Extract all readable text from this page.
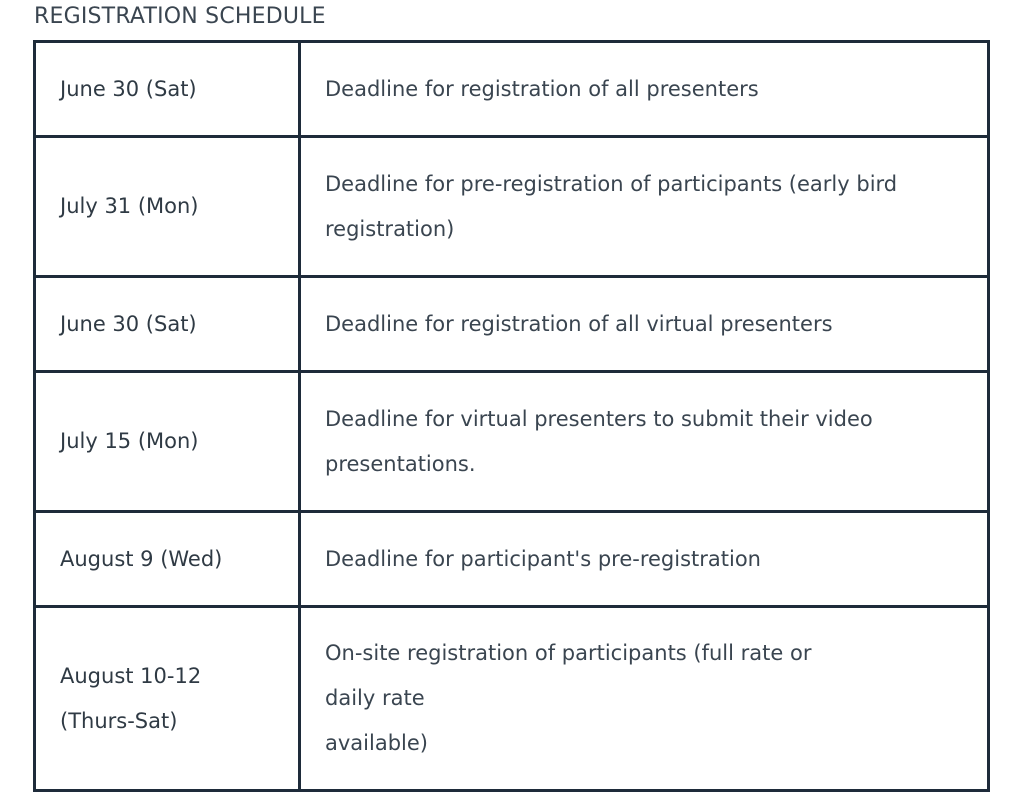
REGISTRATION SCHEDULE
June 30 (Sat)	Deadline for registration of all presenters

July 31 (Mon)	Deadline for pre-registration of participants (early bird
registration)

June 30 (Sat)	Deadline for registration of all virtual presenters

July 15 (Mon)	Deadline for virtual presenters to submit their video
presentations.

August 9 (Wed)	Deadline for participant's pre-registration

August 10-12
(Thurs-Sat)	On-site registration of participants (full rate or
daily rate
available)
